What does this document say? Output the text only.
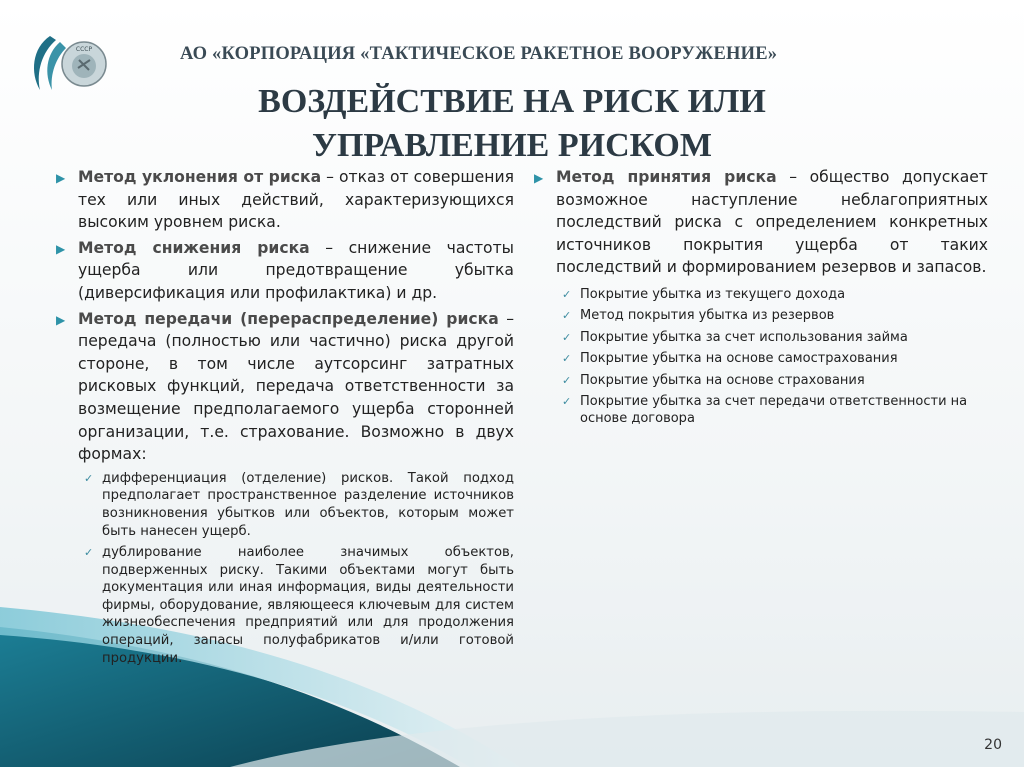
СССР	АО «КОРПОРАЦИЯ «ТАКТИЧЕСКОЕ РАКЕТНОЕ ВООРУЖЕНИЕ»
ВОЗДЕЙСТВИЕ НА РИСК ИЛИ
УПРАВЛЕНИЕ РИСКОМ
▶ Метод уклонения от риска – отказ от совершения тех или иных действий, характеризующихся высоким уровнем риска.
▶ Метод снижения риска – снижение частоты ущерба или предотвращение убытка (диверсификация или профилактика) и др.
▶ Метод передачи (перераспределение) риска – передача (полностью или частично) риска другой стороне, в том числе аутсорсинг затратных рисковых функций, передача ответственности за возмещение предполагаемого ущерба сторонней организации, т.е. страхование. Возможно в двух формах:
✓ дифференциация (отделение) рисков. Такой подход предполагает пространственное разделение источников возникновения убытков или объектов, которым может быть нанесен ущерб.
✓ дублирование наиболее значимых объектов, подверженных риску. Такими объектами могут быть документация или иная информация, виды деятельности фирмы, оборудование, являющееся ключевым для систем жизнеобеспечения предприятий или для продолжения операций, запасы полуфабрикатов и/или готовой продукции.
▶ Метод принятия риска – общество допускает возможное наступление неблагоприятных последствий риска с определением конкретных источников покрытия ущерба от таких последствий и формированием резервов и запасов.
✓ Покрытие убытка из текущего дохода
✓ Метод покрытия убытка из резервов
✓ Покрытие убытка за счет использования займа
✓ Покрытие убытка на основе самострахования
✓ Покрытие убытка на основе страхования
✓ Покрытие убытка за счет передачи ответственности на основе договора
20
